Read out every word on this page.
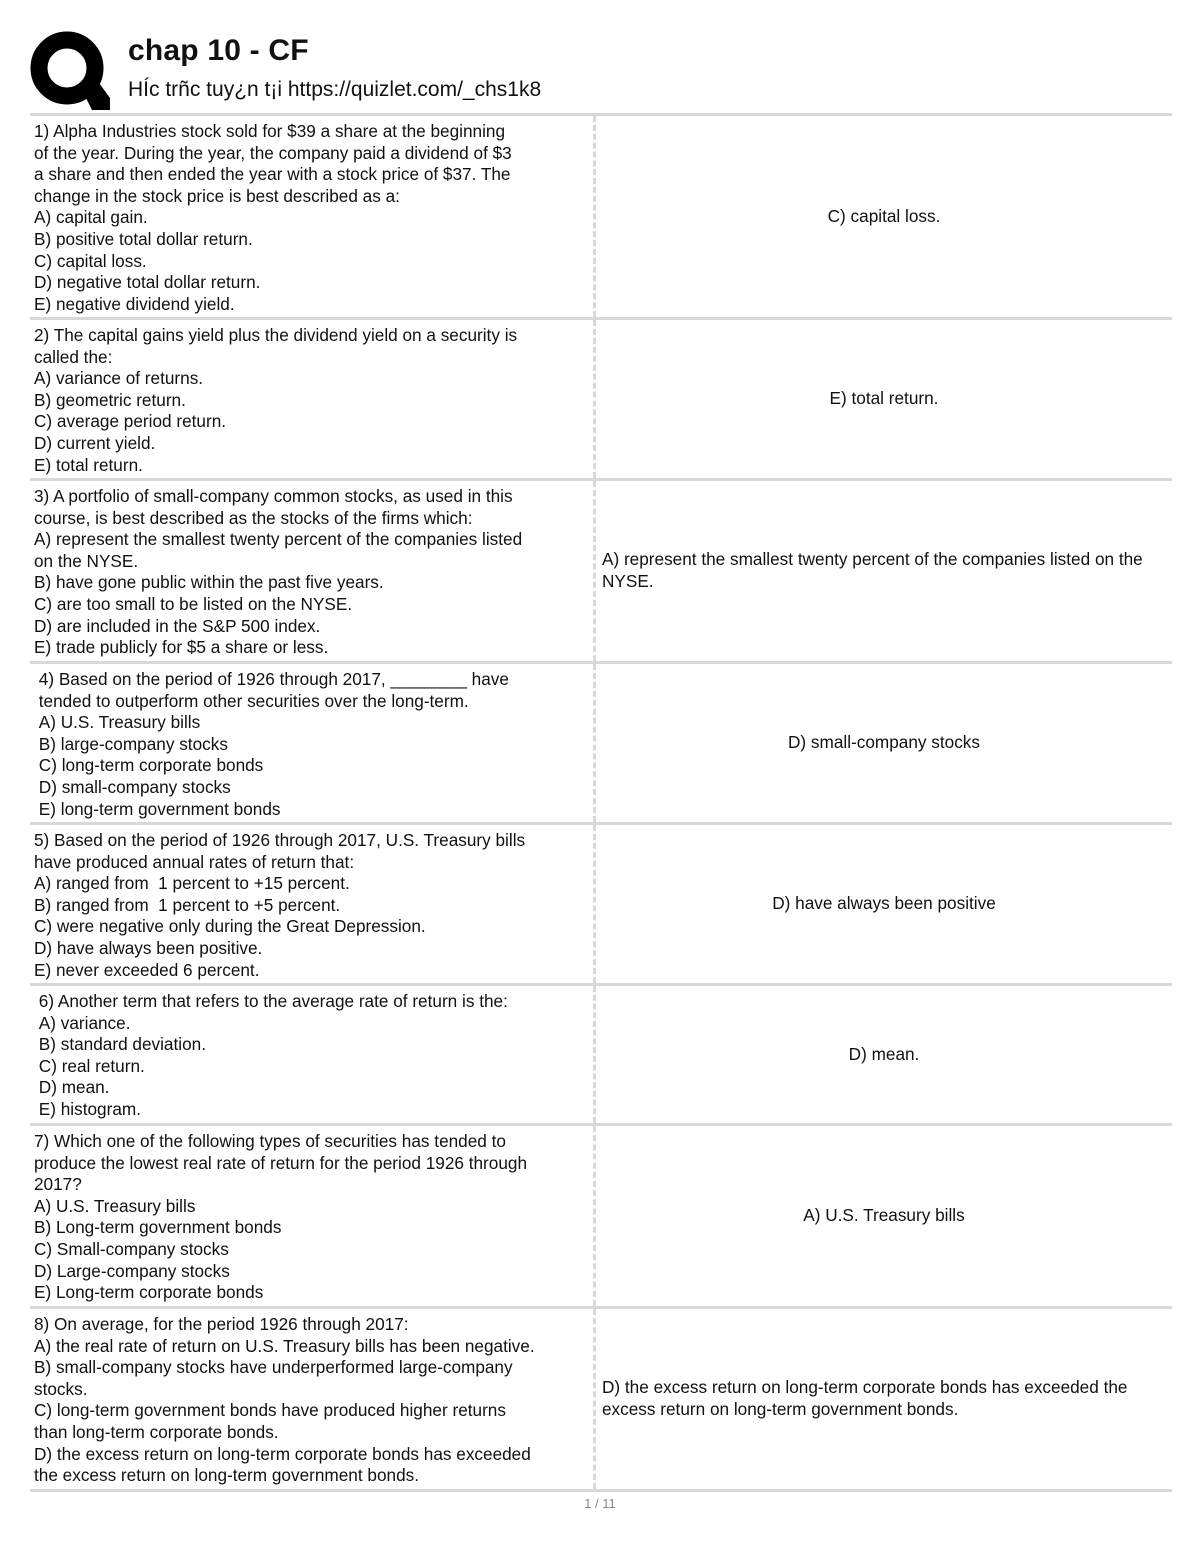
chap 10 - CF
HÍc trñc tuy¿n t¡i https://quizlet.com/_chs1k8
1) Alpha Industries stock sold for $39 a share at the beginning
of the year. During the year, the company paid a dividend of $3
a share and then ended the year with a stock price of $37. The
change in the stock price is best described as a:
A) capital gain.
B) positive total dollar return.
C) capital loss.
D) negative total dollar return.
E) negative dividend yield.
C) capital loss.
2) The capital gains yield plus the dividend yield on a security is
called the:
A) variance of returns.
B) geometric return.
C) average period return.
D) current yield.
E) total return.
E) total return.
3) A portfolio of small-company common stocks, as used in this
course, is best described as the stocks of the firms which:
A) represent the smallest twenty percent of the companies listed
on the NYSE.
B) have gone public within the past five years.
C) are too small to be listed on the NYSE.
D) are included in the S&P 500 index.
E) trade publicly for $5 a share or less.
A) represent the smallest twenty percent of the companies listed on the NYSE.
4) Based on the period of 1926 through 2017, ________ have
tended to outperform other securities over the long-term.
A) U.S. Treasury bills
B) large-company stocks
C) long-term corporate bonds
D) small-company stocks
E) long-term government bonds
D) small-company stocks
5) Based on the period of 1926 through 2017, U.S. Treasury bills
have produced annual rates of return that:
A) ranged from  1 percent to +15 percent.
B) ranged from  1 percent to +5 percent.
C) were negative only during the Great Depression.
D) have always been positive.
E) never exceeded 6 percent.
D) have always been positive
6) Another term that refers to the average rate of return is the:
A) variance.
B) standard deviation.
C) real return.
D) mean.
E) histogram.
D) mean.
7) Which one of the following types of securities has tended to
produce the lowest real rate of return for the period 1926 through
2017?
A) U.S. Treasury bills
B) Long-term government bonds
C) Small-company stocks
D) Large-company stocks
E) Long-term corporate bonds
A) U.S. Treasury bills
8) On average, for the period 1926 through 2017:
A) the real rate of return on U.S. Treasury bills has been negative.
B) small-company stocks have underperformed large-company
stocks.
C) long-term government bonds have produced higher returns
than long-term corporate bonds.
D) the excess return on long-term corporate bonds has exceeded
the excess return on long-term government bonds.
D) the excess return on long-term corporate bonds has exceeded the excess return on long-term government bonds.
1 / 11
